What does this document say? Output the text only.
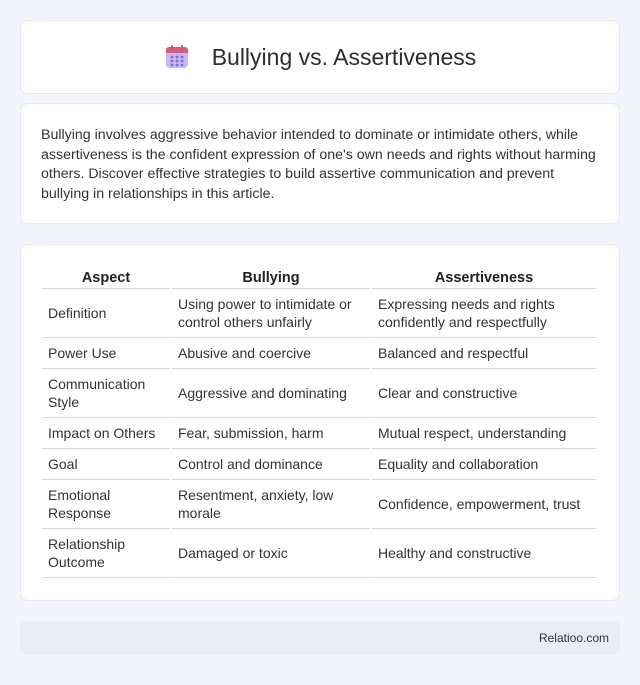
Bullying vs. Assertiveness

Bullying involves aggressive behavior intended to dominate or intimidate others, while assertiveness is the confident expression of one's own needs and rights without harming others. Discover effective strategies to build assertive communication and prevent bullying in relationships in this article.

Aspect	Bullying	Assertiveness
Definition	Using power to intimidate or control others unfairly	Expressing needs and rights confidently and respectfully
Power Use	Abusive and coercive	Balanced and respectful
Communication Style	Aggressive and dominating	Clear and constructive
Impact on Others	Fear, submission, harm	Mutual respect, understanding
Goal	Control and dominance	Equality and collaboration
Emotional Response	Resentment, anxiety, low morale	Confidence, empowerment, trust
Relationship Outcome	Damaged or toxic	Healthy and constructive
Relatioo.com
